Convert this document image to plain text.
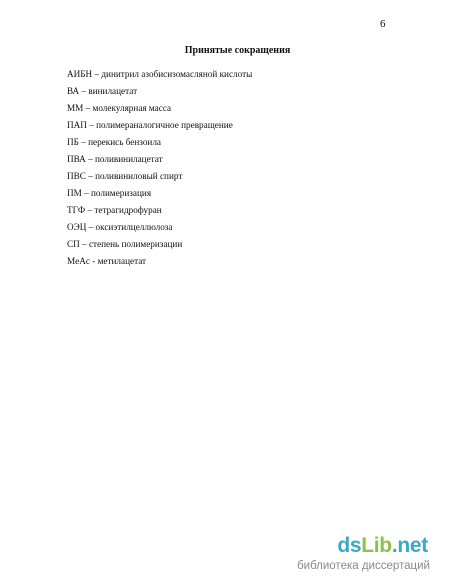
6
Принятые сокращения
АИБН – динитрил азобисизомасляной кислоты
ВА – винилацетат
ММ – молекулярная масса
ПАП – полимераналогичное превращение
ПБ – перекись бензоила
ПВА – поливинилацетат
ПВС – поливиниловый спирт
ПМ – полимеризация
ТГФ – тетрагидрофуран
ОЭЦ – оксиэтилцеллюлоза
СП – степень полимеризации
MeAc - метилацетат
dsLib.net
библиотека диссертаций
